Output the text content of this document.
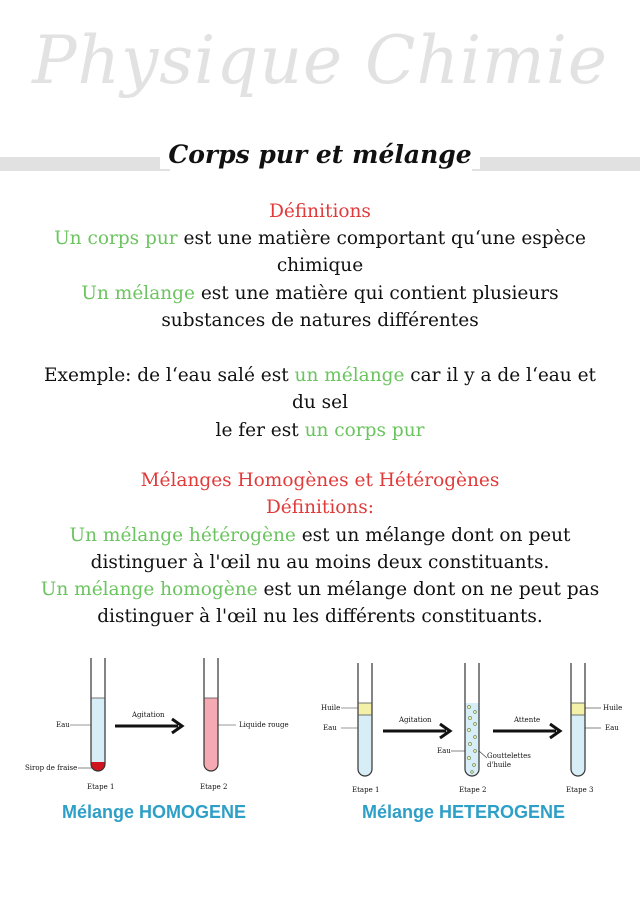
Physique Chimie
Corps pur et mélange
Définitions
Un corps pur est une matière comportant qu‘une espèce
chimique
Un mélange est une matière qui contient plusieurs
substances de natures différentes
Exemple: de l‘eau salé est un mélange car il y a de l‘eau et
du sel
le fer est un corps pur
Mélanges Homogènes et Hétérogènes
Définitions:
Un mélange hétérogène est un mélange dont on peut
distinguer à l'œil nu au moins deux constituants.
Un mélange homogène est un mélange dont on ne peut pas
distinguer à l'œil nu les différents constituants.
Eau
Sirop de fraise
Etape 1
Agitation
Liquide rouge
Etape 2
Mélange HOMOGENE
Huile
Eau
Etape 1
Agitation
Eau
Gouttelettes
d'huile
Etape 2
Attente
Huile
Eau
Etape 3
Mélange HETEROGENE
